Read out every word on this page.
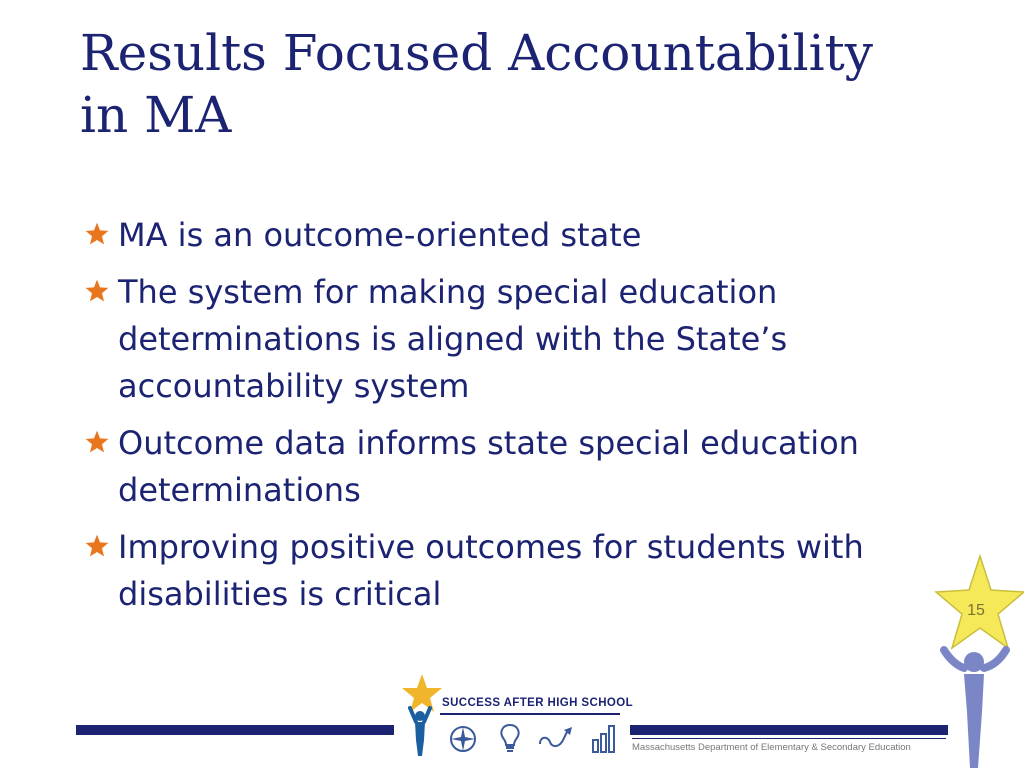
Results Focused Accountability
in MA
MA is an outcome-oriented state
The system for making special education determinations is aligned with the State’s accountability system
Outcome data informs state special education determinations
Improving positive outcomes for students with disabilities is critical	15
SUCCESS AFTER HIGH SCHOOL
Massachusetts Department of Elementary & Secondary Education
